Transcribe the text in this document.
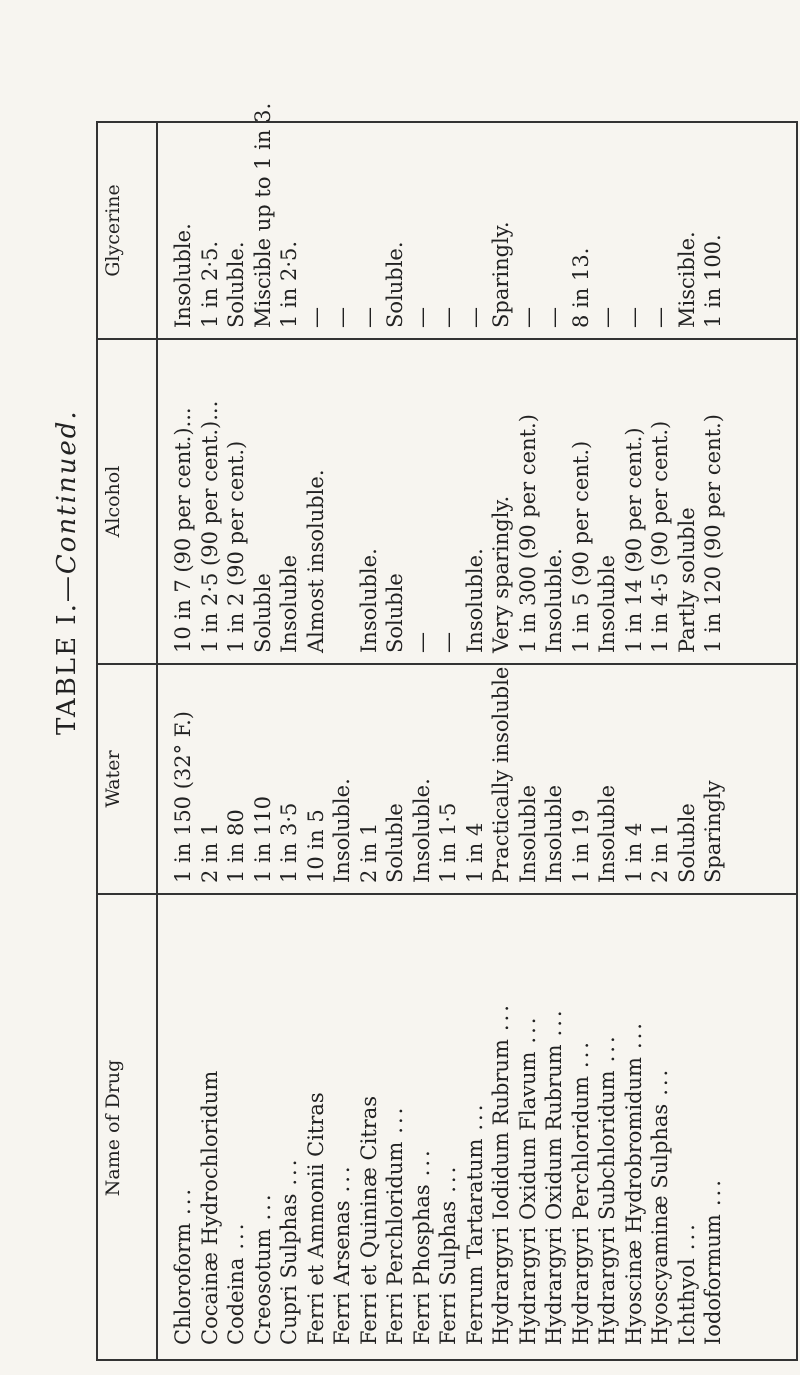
TABLE I.—Continued.
Name of Drug
Water
Alcohol
Glycerine
Chloroform... Cocainæ Hydrochloridum Codeina... Creosotum... Cupri Sulphas... Ferri et Ammonii Citras Ferri Arsenas... Ferri et Quininæ Citras Ferri Perchloridum...
Ferri Phosphas...
Ferri Sulphas... Ferrum Tartaratum... Hydrargyri Iodidum Rubrum...
Hydrargyri Oxidum Flavum...
Hydrargyri Oxidum Rubrum...
Hydrargyri Perchloridum...
Hydrargyri Subchloridum...
Hyoscinæ Hydrobromidum...
Hyoscyaminæ Sulphas...
Ichthyol... Iodoformum...
1 in 150 (32° F.) 2 in 1 1 in 80 1 in 110 1 in 3·5 10 in 5 Insoluble. 2 in 1 Soluble Insoluble. 1 in 1·5 1 in 4 Practically insoluble Insoluble Insoluble 1 in 19 Insoluble 1 in 4 2 in 1 Soluble Sparingly
10 in 7 (90 per cent.)... 1 in 2·5 (90 per cent.)... 1 in 2 (90 per cent.) Soluble Insoluble Almost insoluble. Insoluble. Soluble — — Insoluble. Very sparingly. 1 in 300 (90 per cent.) Insoluble. 1 in 5 (90 per cent.) Insoluble 1 in 14 (90 per cent.) 1 in 4·5 (90 per cent.) Partly soluble 1 in 120 (90 per cent.)
Insoluble. 1 in 2·5. Soluble. Miscible up to 1 in 3. 1 in 2·5. — — — Soluble. — — — Sparingly. — — 8 in 13. — — — Miscible. 1 in 100.
